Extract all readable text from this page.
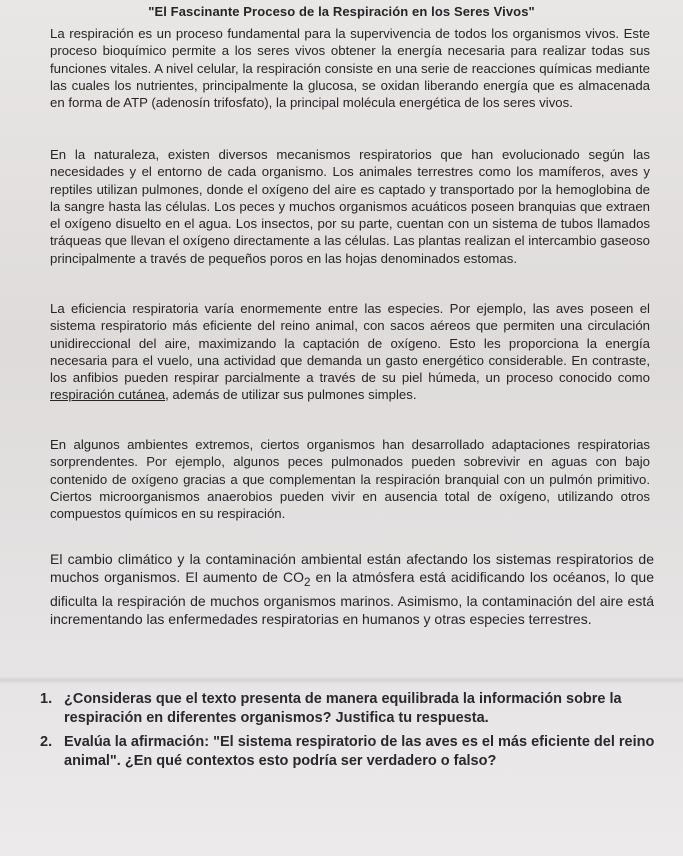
"El Fascinante Proceso de la Respiración en los Seres Vivos"

La respiración es un proceso fundamental para la supervivencia de todos los organismos vivos. Este proceso bioquímico permite a los seres vivos obtener la energía necesaria para realizar todas sus funciones vitales. A nivel celular, la respiración consiste en una serie de reacciones químicas mediante las cuales los nutrientes, principalmente la glucosa, se oxidan liberando energía que es almacenada en forma de ATP (adenosín trifosfato), la principal molécula energética de los seres vivos.

En la naturaleza, existen diversos mecanismos respiratorios que han evolucionado según las necesidades y el entorno de cada organismo. Los animales terrestres como los mamíferos, aves y reptiles utilizan pulmones, donde el oxígeno del aire es captado y transportado por la hemoglobina de la sangre hasta las células. Los peces y muchos organismos acuáticos poseen branquias que extraen el oxígeno disuelto en el agua. Los insectos, por su parte, cuentan con un sistema de tubos llamados tráqueas que llevan el oxígeno directamente a las células. Las plantas realizan el intercambio gaseoso principalmente a través de pequeños poros en las hojas denominados estomas.

La eficiencia respiratoria varía enormemente entre las especies. Por ejemplo, las aves poseen el sistema respiratorio más eficiente del reino animal, con sacos aéreos que permiten una circulación unidireccional del aire, maximizando la captación de oxígeno. Esto les proporciona la energía necesaria para el vuelo, una actividad que demanda un gasto energético considerable. En contraste, los anfibios pueden respirar parcialmente a través de su piel húmeda, un proceso conocido como respiración cutánea, además de utilizar sus pulmones simples.

En algunos ambientes extremos, ciertos organismos han desarrollado adaptaciones respiratorias sorprendentes. Por ejemplo, algunos peces pulmonados pueden sobrevivir en aguas con bajo contenido de oxígeno gracias a que complementan la respiración branquial con un pulmón primitivo. Ciertos microorganismos anaerobios pueden vivir en ausencia total de oxígeno, utilizando otros compuestos químicos en su respiración.

El cambio climático y la contaminación ambiental están afectando los sistemas respiratorios de muchos organismos. El aumento de $CO_2$ en la atmósfera está acidificando los océanos, lo que dificulta la respiración de muchos organismos marinos. Asimismo, la contaminación del aire está incrementando las enfermedades respiratorias en humanos y otras especies terrestres.

1. ¿Consideras que el texto presenta de manera equilibrada la información sobre la respiración en diferentes organismos? Justifica tu respuesta.
2. Evalúa la afirmación: "El sistema respiratorio de las aves es el más eficiente del reino animal". ¿En qué contextos esto podría ser verdadero o falso?
